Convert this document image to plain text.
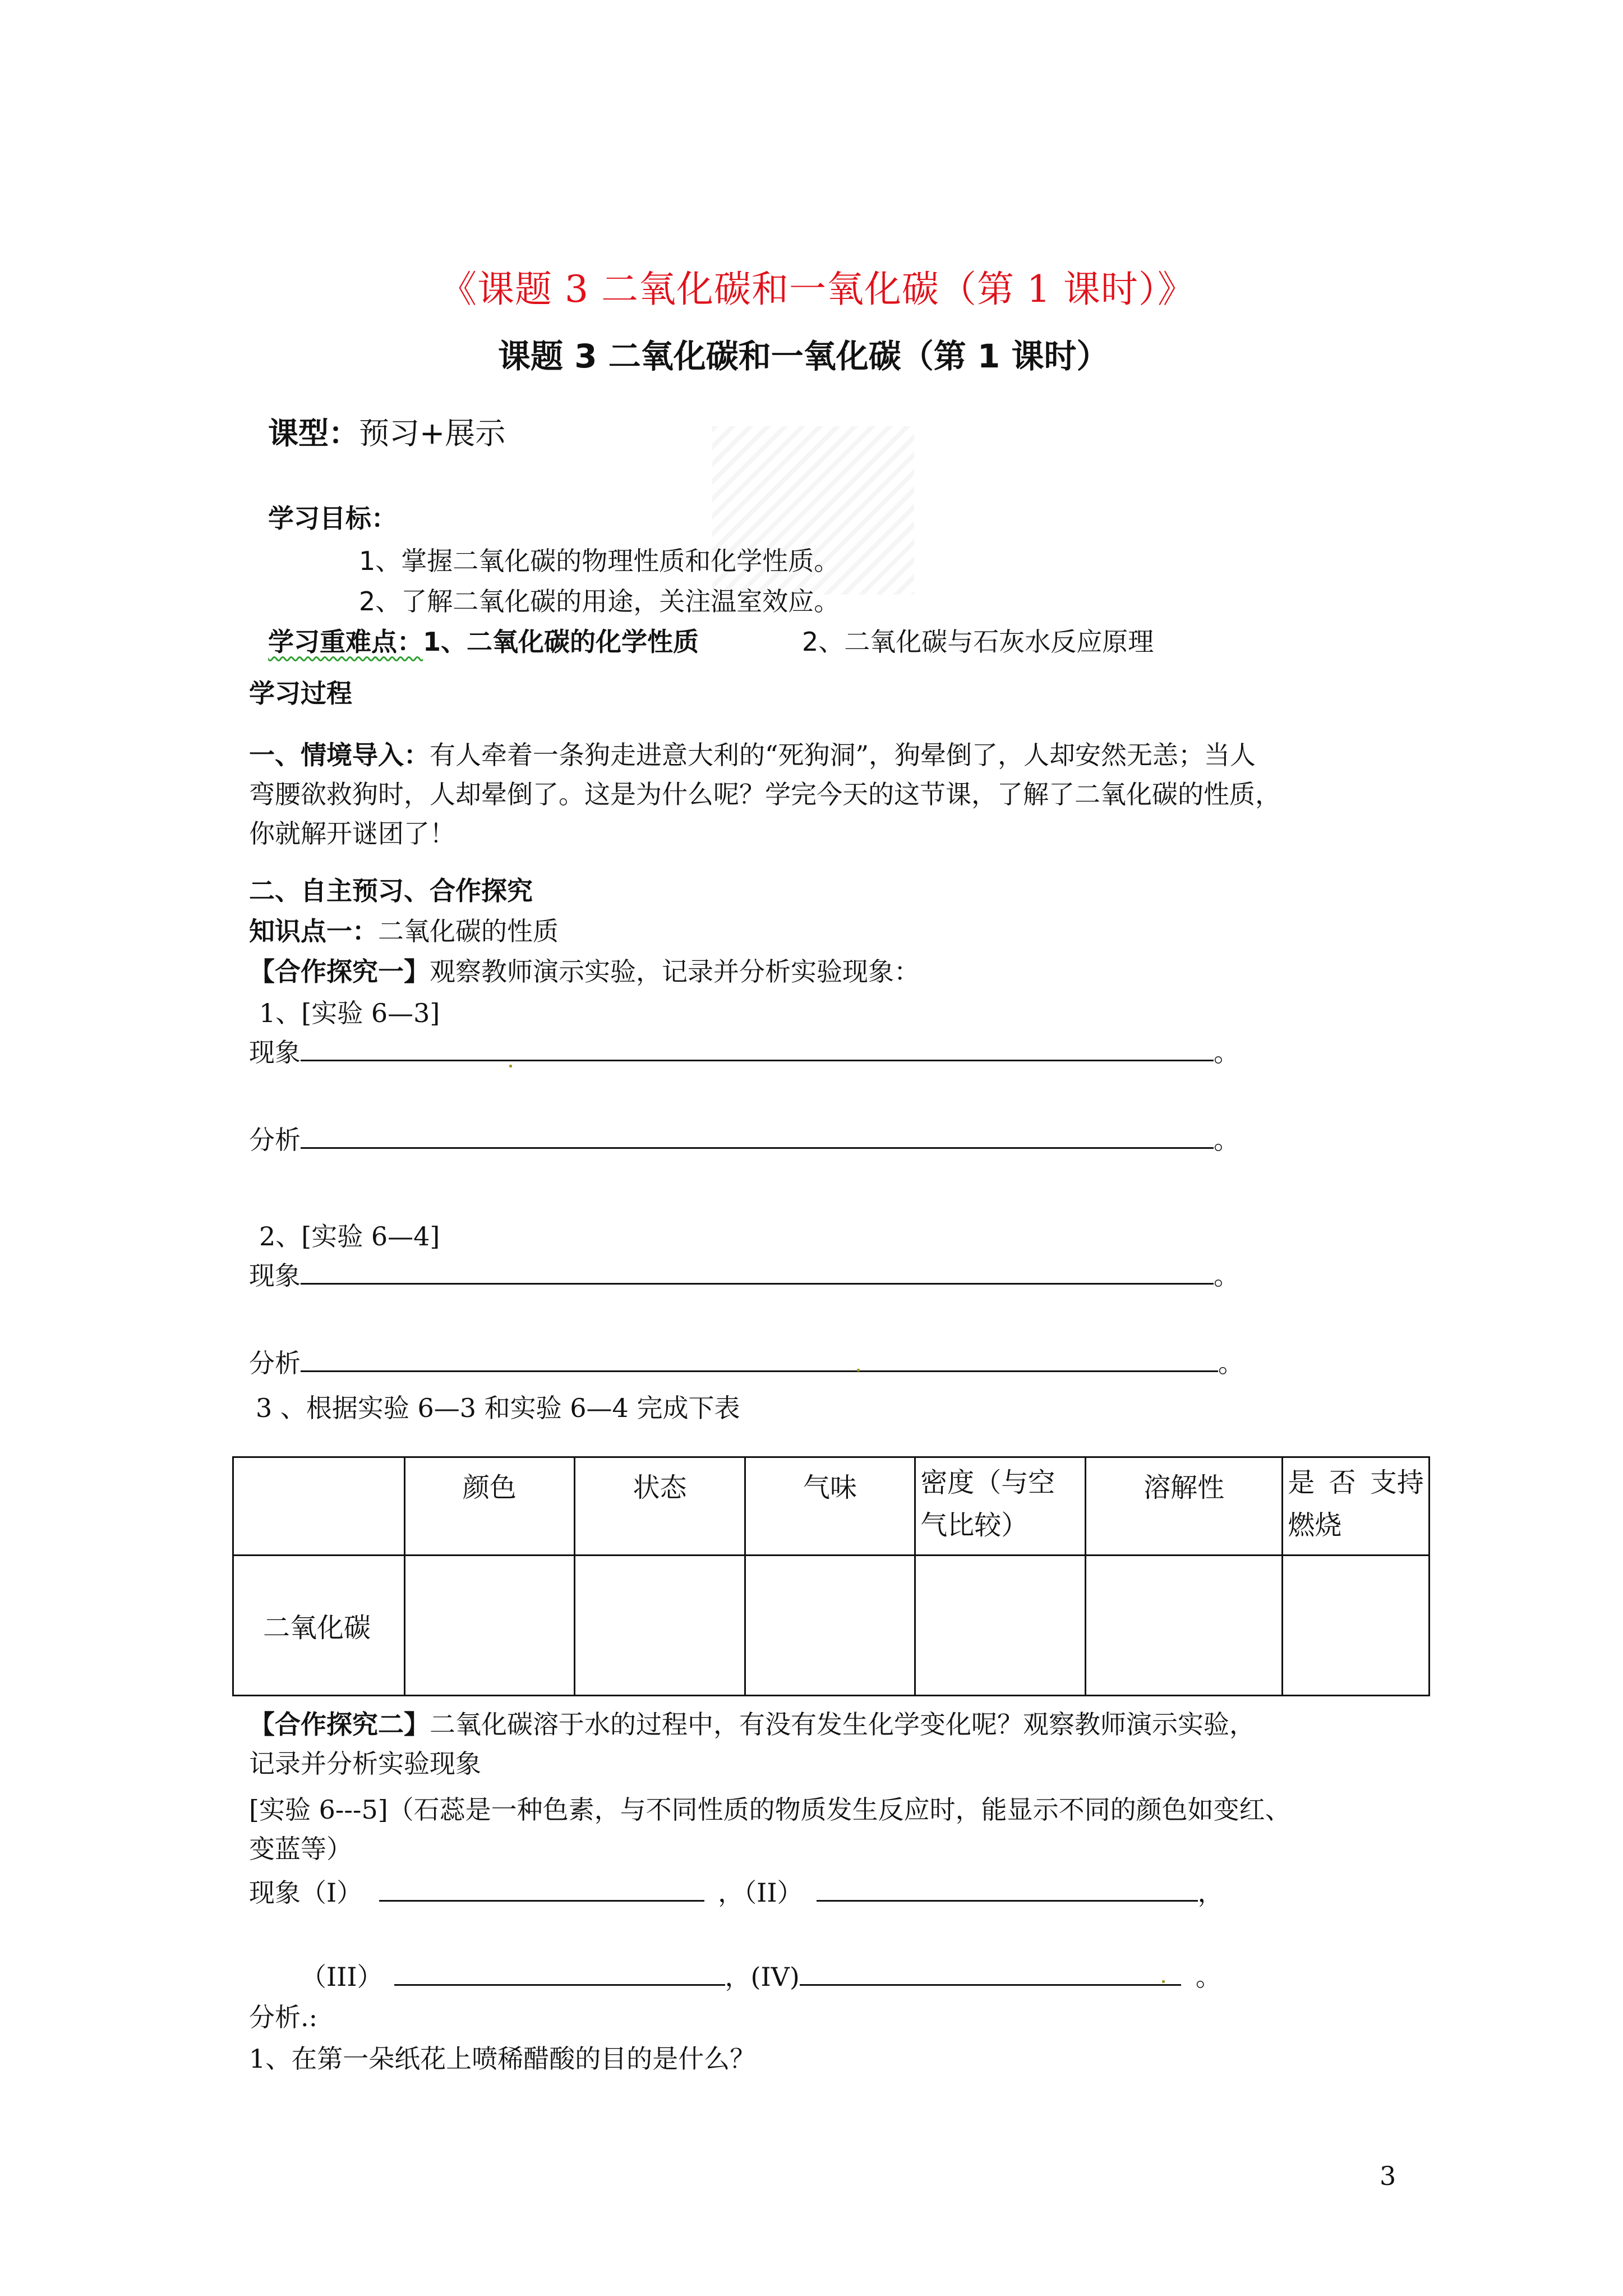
《课题 3 二氧化碳和一氧化碳（第 1 课时）》
课题 3 二氧化碳和一氧化碳（第 1 课时）
课型：预习+展示
学习目标：
1、掌握二氧化碳的物理性质和化学性质。
2、了解二氧化碳的用途，关注温室效应。
学习重难点：1、二氧化碳的化学性质	2、二氧化碳与石灰水反应原理
学习过程
一、情境导入：有人牵着一条狗走进意大利的“死狗洞”，狗晕倒了，人却安然无恙；当人
弯腰欲救狗时，人却晕倒了。这是为什么呢？学完今天的这节课，了解了二氧化碳的性质，
你就解开谜团了！
二、自主预习、合作探究
知识点一：二氧化碳的性质
【合作探究一】观察教师演示实验，记录并分析实验现象：
1、[实验 6—3]
现象	。
分析	。
2、[实验 6—4]
现象	。
分析	。
3 、根据实验 6—3 和实验 6—4 完成下表
	颜色	状态	气味	密度（与空气比较）	溶解性	是 否 支持燃烧
二氧化碳						
【合作探究二】二氧化碳溶于水的过程中，有没有发生化学变化呢？观察教师演示实验，
记录并分析实验现象
[实验 6---5]（石蕊是一种色素，与不同性质的物质发生反应时，能显示不同的颜色如变红、
变蓝等）
现象（I）	，（II）	，
（III）	，(IV)	。
分析.:
1、在第一朵纸花上喷稀醋酸的目的是什么？
3
